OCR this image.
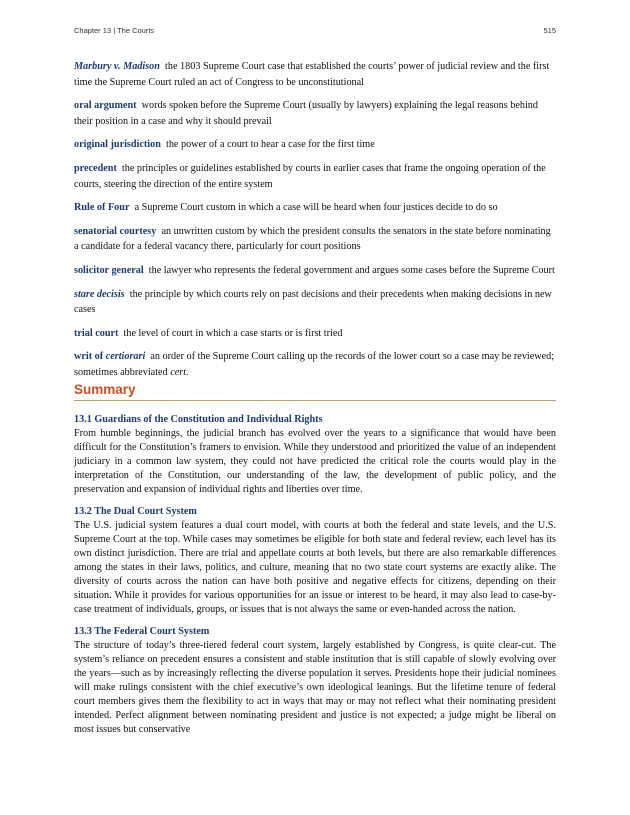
Chapter 13 | The Courts	515

Marbury v. Madison the 1803 Supreme Court case that established the courts’ power of judicial review and the first time the Supreme Court ruled an act of Congress to be unconstitutional

oral argument words spoken before the Supreme Court (usually by lawyers) explaining the legal reasons behind their position in a case and why it should prevail

original jurisdiction the power of a court to hear a case for the first time

precedent the principles or guidelines established by courts in earlier cases that frame the ongoing operation of the courts, steering the direction of the entire system

Rule of Four a Supreme Court custom in which a case will be heard when four justices decide to do so

senatorial courtesy an unwritten custom by which the president consults the senators in the state before nominating a candidate for a federal vacancy there, particularly for court positions

solicitor general the lawyer who represents the federal government and argues some cases before the Supreme Court

stare decisis the principle by which courts rely on past decisions and their precedents when making decisions in new cases

trial court the level of court in which a case starts or is first tried

writ of certiorari an order of the Supreme Court calling up the records of the lower court so a case may be reviewed; sometimes abbreviated cert.

Summary

13.1 Guardians of the Constitution and Individual Rights

From humble beginnings, the judicial branch has evolved over the years to a significance that would have been difficult for the Constitution’s framers to envision. While they understood and prioritized the value of an independent judiciary in a common law system, they could not have predicted the critical role the courts would play in the interpretation of the Constitution, our understanding of the law, the development of public policy, and the preservation and expansion of individual rights and liberties over time.

13.2 The Dual Court System

The U.S. judicial system features a dual court model, with courts at both the federal and state levels, and the U.S. Supreme Court at the top. While cases may sometimes be eligible for both state and federal review, each level has its own distinct jurisdiction. There are trial and appellate courts at both levels, but there are also remarkable differences among the states in their laws, politics, and culture, meaning that no two state court systems are exactly alike. The diversity of courts across the nation can have both positive and negative effects for citizens, depending on their situation. While it provides for various opportunities for an issue or interest to be heard, it may also lead to case-by-case treatment of individuals, groups, or issues that is not always the same or even-handed across the nation.

13.3 The Federal Court System

The structure of today’s three-tiered federal court system, largely established by Congress, is quite clear-cut. The system’s reliance on precedent ensures a consistent and stable institution that is still capable of slowly evolving over the years—such as by increasingly reflecting the diverse population it serves. Presidents hope their judicial nominees will make rulings consistent with the chief executive’s own ideological leanings. But the lifetime tenure of federal court members gives them the flexibility to act in ways that may or may not reflect what their nominating president intended. Perfect alignment between nominating president and justice is not expected; a judge might be liberal on most issues but conservative
